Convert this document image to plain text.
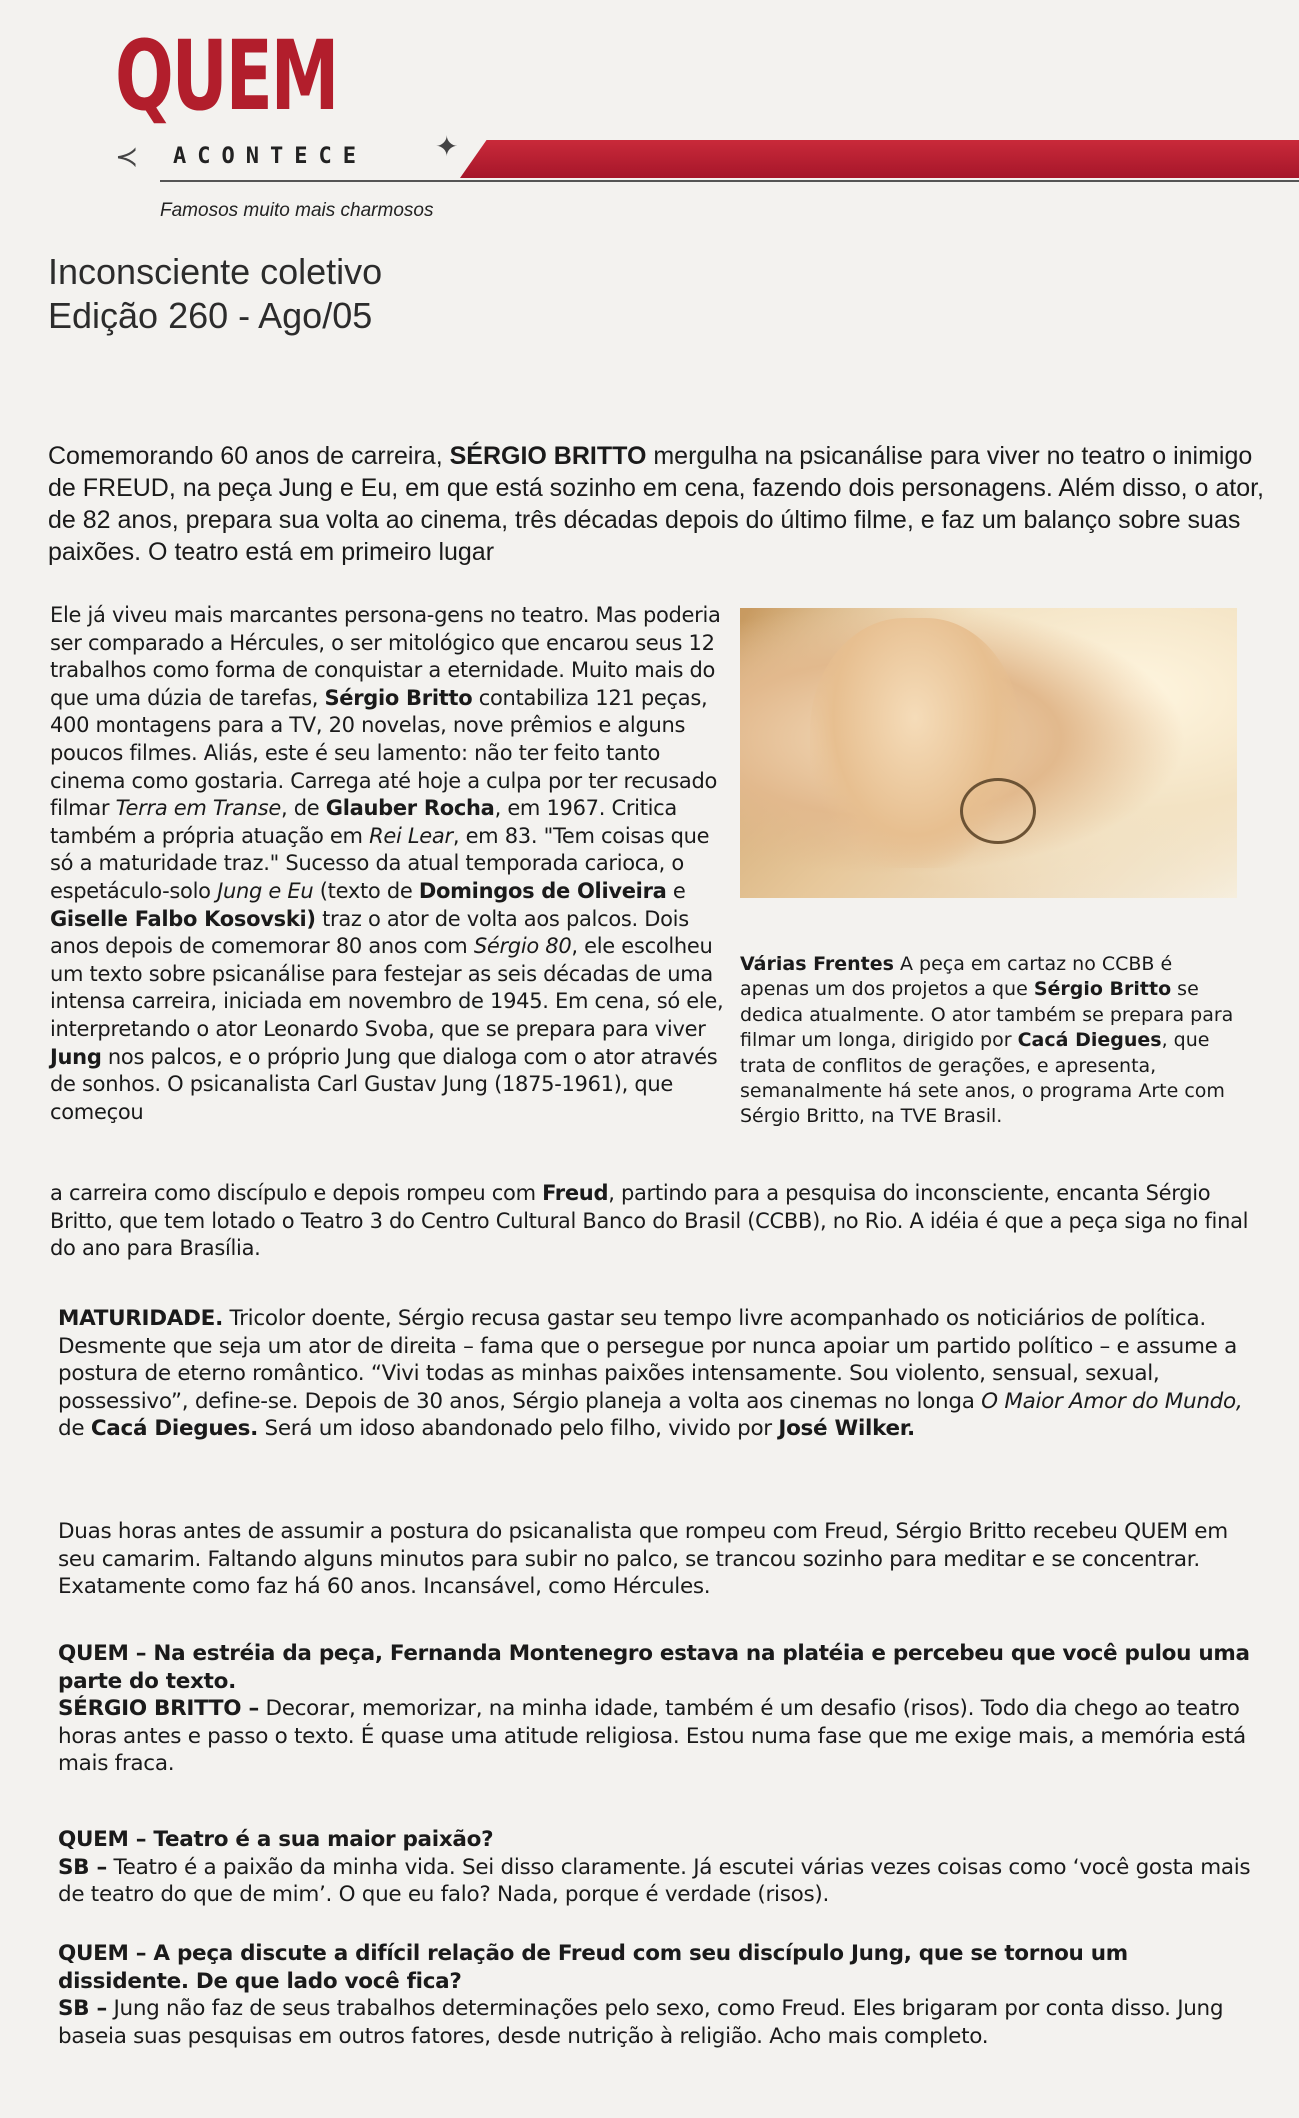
QUEM
≺ ACONTECE ✦
Famosos muito mais charmosos
Inconsciente coletivo
Edição 260 - Ago/05
Comemorando 60 anos de carreira, SÉRGIO BRITTO mergulha na psicanálise para viver no teatro o inimigo de FREUD, na peça Jung e Eu, em que está sozinho em cena, fazendo dois personagens. Além disso, o ator, de 82 anos, prepara sua volta ao cinema, três décadas depois do último filme, e faz um balanço sobre suas paixões. O teatro está em primeiro lugar
Ele já viveu mais marcantes persona-gens no teatro. Mas poderia ser comparado a Hércules, o ser mitológico que encarou seus 12 trabalhos como forma de conquistar a eternidade. Muito mais do que uma dúzia de tarefas, Sérgio Britto contabiliza 121 peças, 400 montagens para a TV, 20 novelas, nove prêmios e alguns poucos filmes. Aliás, este é seu lamento: não ter feito tanto cinema como gostaria. Carrega até hoje a culpa por ter recusado filmar Terra em Transe, de Glauber Rocha, em 1967. Critica também a própria atuação em Rei Lear, em 83. "Tem coisas que só a maturidade traz." Sucesso da atual temporada carioca, o espetáculo-solo Jung e Eu (texto de Domingos de Oliveira e Giselle Falbo Kosovski) traz o ator de volta aos palcos. Dois anos depois de comemorar 80 anos com Sérgio 80, ele escolheu um texto sobre psicanálise para festejar as seis décadas de uma intensa carreira, iniciada em novembro de 1945. Em cena, só ele, interpretando o ator Leonardo Svoba, que se prepara para viver Jung nos palcos, e o próprio Jung que dialoga com o ator através de sonhos. O psicanalista Carl Gustav Jung (1875-1961), que começou
Várias Frentes A peça em cartaz no CCBB é apenas um dos projetos a que Sérgio Britto se dedica atualmente. O ator também se prepara para filmar um longa, dirigido por Cacá Diegues, que trata de conflitos de gerações, e apresenta, semanalmente há sete anos, o programa Arte com Sérgio Britto, na TVE Brasil.
a carreira como discípulo e depois rompeu com Freud, partindo para a pesquisa do inconsciente, encanta Sérgio Britto, que tem lotado o Teatro 3 do Centro Cultural Banco do Brasil (CCBB), no Rio. A idéia é que a peça siga no final do ano para Brasília.
MATURIDADE. Tricolor doente, Sérgio recusa gastar seu tempo livre acompanhado os noticiários de política. Desmente que seja um ator de direita – fama que o persegue por nunca apoiar um partido político – e assume a postura de eterno romântico. “Vivi todas as minhas paixões intensamente. Sou violento, sensual, sexual, possessivo”, define-se. Depois de 30 anos, Sérgio planeja a volta aos cinemas no longa O Maior Amor do Mundo, de Cacá Diegues. Será um idoso abandonado pelo filho, vivido por José Wilker.
Duas horas antes de assumir a postura do psicanalista que rompeu com Freud, Sérgio Britto recebeu QUEM em seu camarim. Faltando alguns minutos para subir no palco, se trancou sozinho para meditar e se concentrar. Exatamente como faz há 60 anos. Incansável, como Hércules.
QUEM – Na estréia da peça, Fernanda Montenegro estava na platéia e percebeu que você pulou uma parte do texto.
SÉRGIO BRITTO – Decorar, memorizar, na minha idade, também é um desafio (risos). Todo dia chego ao teatro horas antes e passo o texto. É quase uma atitude religiosa. Estou numa fase que me exige mais, a memória está mais fraca.
QUEM – Teatro é a sua maior paixão?
SB – Teatro é a paixão da minha vida. Sei disso claramente. Já escutei várias vezes coisas como ‘você gosta mais de teatro do que de mim’. O que eu falo? Nada, porque é verdade (risos).
QUEM – A peça discute a difícil relação de Freud com seu discípulo Jung, que se tornou um dissidente. De que lado você fica?
SB – Jung não faz de seus trabalhos determinações pelo sexo, como Freud. Eles brigaram por conta disso. Jung baseia suas pesquisas em outros fatores, desde nutrição à religião. Acho mais completo.
